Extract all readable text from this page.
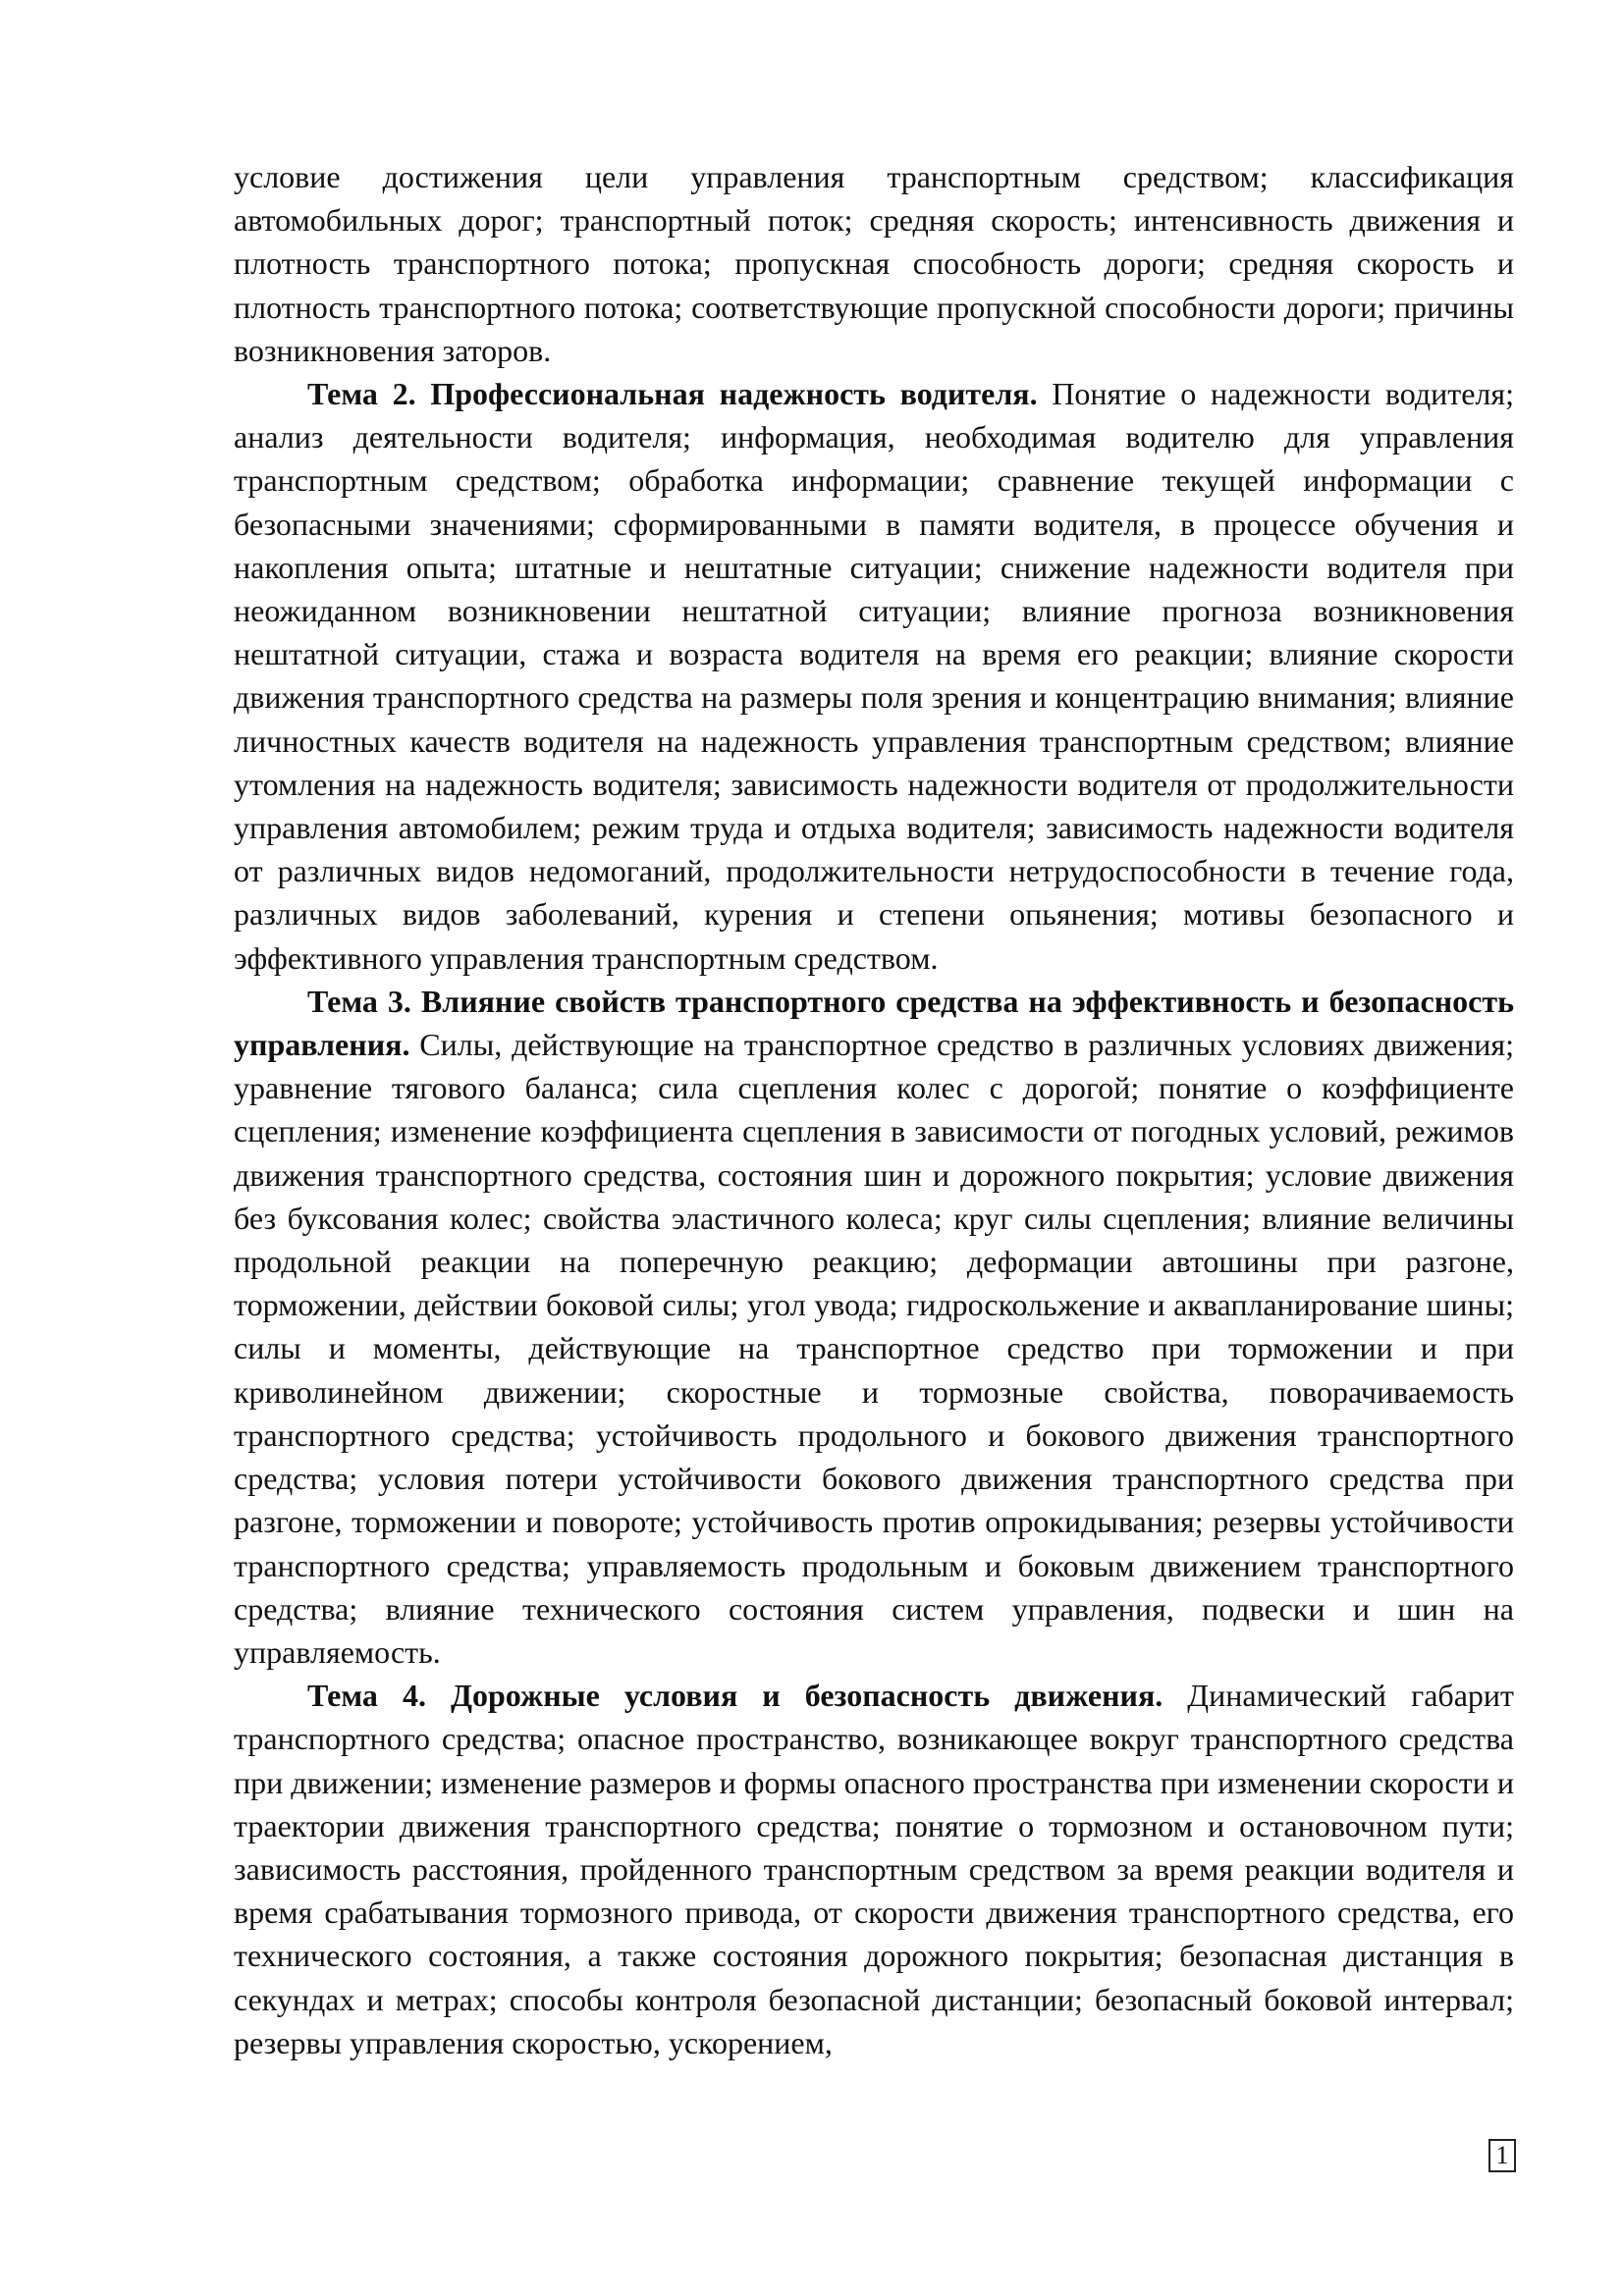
условие достижения цели управления транспортным средством; классификация автомобильных дорог; транспортный поток; средняя скорость; интенсивность движения и плотность транспортного потока; пропускная способность дороги; средняя скорость и плотность транспортного потока; соответствующие пропускной способности дороги; причины возникновения заторов.

Тема 2. Профессиональная надежность водителя. Понятие о надежности водителя; анализ деятельности водителя; информация, необходимая водителю для управления транспортным средством; обработка информации; сравнение текущей информации с безопасными значениями; сформированными в памяти водителя, в процессе обучения и накопления опыта; штатные и нештатные ситуации; снижение надежности водителя при неожиданном возникновении нештатной ситуации; влияние прогноза возникновения нештатной ситуации, стажа и возраста водителя на время его реакции; влияние скорости движения транспортного средства на размеры поля зрения и концентрацию внимания; влияние личностных качеств водителя на надежность управления транспортным средством; влияние утомления на надежность водителя; зависимость надежности водителя от продолжительности управления автомобилем; режим труда и отдыха водителя; зависимость надежности водителя от различных видов недомоганий, продолжительности нетрудоспособности в течение года, различных видов заболеваний, курения и степени опьянения; мотивы безопасного и эффективного управления транспортным средством.

Тема 3. Влияние свойств транспортного средства на эффективность и безопасность управления. Силы, действующие на транспортное средство в различных условиях движения; уравнение тягового баланса; сила сцепления колес с дорогой; понятие о коэффициенте сцепления; изменение коэффициента сцепления в зависимости от погодных условий, режимов движения транспортного средства, состояния шин и дорожного покрытия; условие движения без буксования колес; свойства эластичного колеса; круг силы сцепления; влияние величины продольной реакции на поперечную реакцию; деформации автошины при разгоне, торможении, действии боковой силы; угол увода; гидроскольжение и аквапланирование шины; силы и моменты, действующие на транспортное средство при торможении и при криволинейном движении; скоростные и тормозные свойства, поворачиваемость транспортного средства; устойчивость продольного и бокового движения транспортного средства; условия потери устойчивости бокового движения транспортного средства при разгоне, торможении и повороте; устойчивость против опрокидывания; резервы устойчивости транспортного средства; управляемость продольным и боковым движением транспортного средства; влияние технического состояния систем управления, подвески и шин на управляемость.

Тема 4. Дорожные условия и безопасность движения. Динамический габарит транспортного средства; опасное пространство, возникающее вокруг транспортного средства при движении; изменение размеров и формы опасного пространства при изменении скорости и траектории движения транспортного средства; понятие о тормозном и остановочном пути; зависимость расстояния, пройденного транспортным средством за время реакции водителя и время срабатывания тормозного привода, от скорости движения транспортного средства, его технического состояния, а также состояния дорожного покрытия; безопасная дистанция в секундах и метрах; способы контроля безопасной дистанции; безопасный боковой интервал; резервы управления скоростью, ускорением,

1
